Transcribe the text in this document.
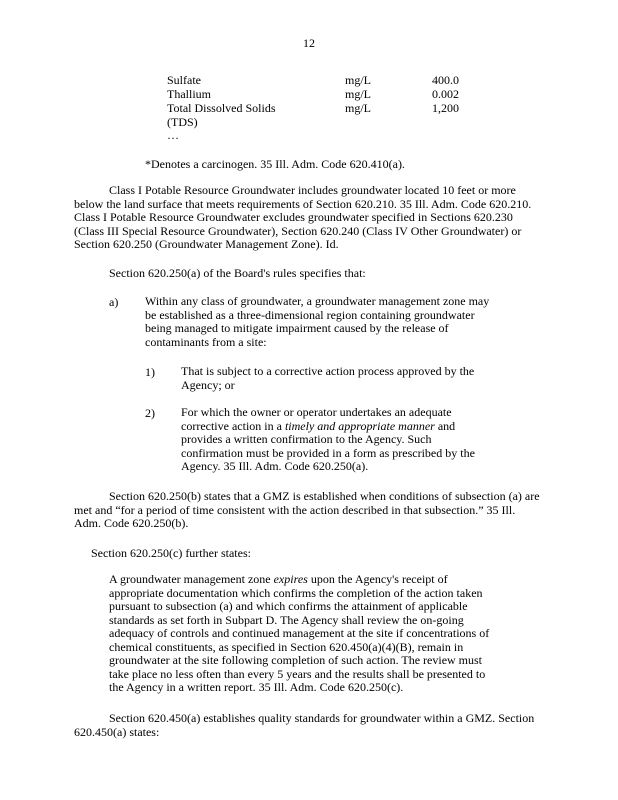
12
Sulfate	mg/L	400.0
Thallium	mg/L	0.002
Total Dissolved Solids	mg/L	1,200
(TDS)
…

*Denotes a carcinogen. 35 Ill. Adm. Code 620.410(a).

Class I Potable Resource Groundwater includes groundwater located 10 feet or more
below the land surface that meets requirements of Section 620.210. 35 Ill. Adm. Code 620.210.
Class I Potable Resource Groundwater excludes groundwater specified in Sections 620.230
(Class III Special Resource Groundwater), Section 620.240 (Class IV Other Groundwater) or
Section 620.250 (Groundwater Management Zone). Id.

Section 620.250(a) of the Board's rules specifies that:

a) Within any class of groundwater, a groundwater management zone may
be established as a three-dimensional region containing groundwater
being managed to mitigate impairment caused by the release of
contaminants from a site:
1) That is subject to a corrective action process approved by the
Agency; or
2) For which the owner or operator undertakes an adequate
corrective action in a timely and appropriate manner and
provides a written confirmation to the Agency. Such
confirmation must be provided in a form as prescribed by the
Agency. 35 Ill. Adm. Code 620.250(a).
Section 620.250(b) states that a GMZ is established when conditions of subsection (a) are
met and “for a period of time consistent with the action described in that subsection.” 35 Ill.
Adm. Code 620.250(b).

Section 620.250(c) further states:

A groundwater management zone expires upon the Agency's receipt of
appropriate documentation which confirms the completion of the action taken
pursuant to subsection (a) and which confirms the attainment of applicable
standards as set forth in Subpart D. The Agency shall review the on-going
adequacy of controls and continued management at the site if concentrations of
chemical constituents, as specified in Section 620.450(a)(4)(B), remain in
groundwater at the site following completion of such action. The review must
take place no less often than every 5 years and the results shall be presented to
the Agency in a written report. 35 Ill. Adm. Code 620.250(c).
Section 620.450(a) establishes quality standards for groundwater within a GMZ. Section
620.450(a) states:
